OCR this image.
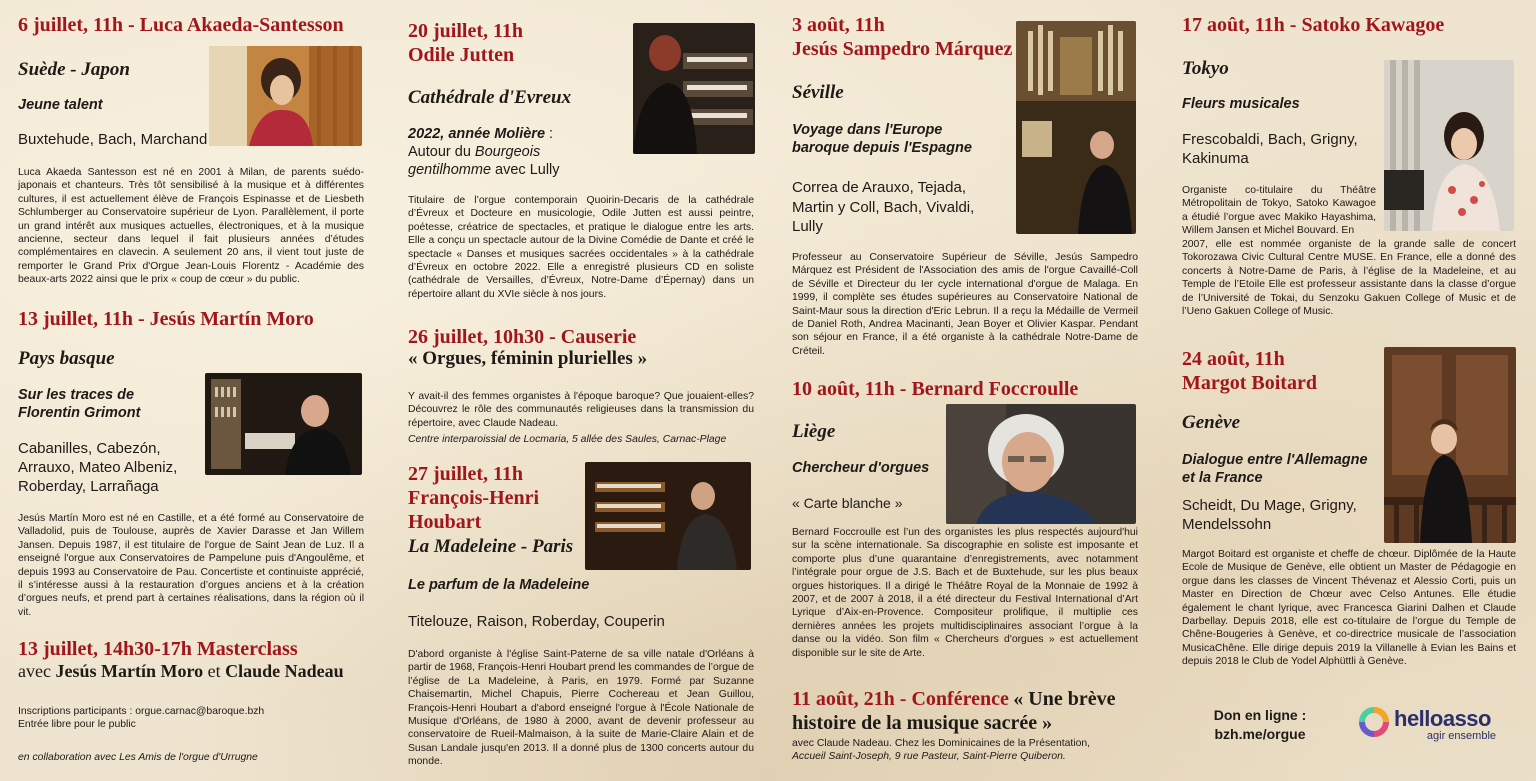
6 juillet, 11h - Luca Akaeda-Santesson
Suède - Japon
Jeune talent
Buxtehude, Bach, Marchand
Luca Akaeda Santesson est né en 2001 à Milan, de parents suédo-japonais et chanteurs. Très tôt sensibilisé à la musique et à différentes cultures, il est actuellement élève de François Espinasse et de Liesbeth Schlumberger au Conservatoire supérieur de Lyon. Parallèlement, il porte un grand intérêt aux musiques actuelles, électroniques, et à la musique ancienne, secteur dans lequel il fait plusieurs années d’études complémentaires en clavecin. A seulement 20 ans, il vient tout juste de remporter le Grand Prix d'Orgue Jean-Louis Florentz - Académie des beaux-arts 2022 ainsi que le prix « coup de cœur » du public.
13 juillet, 11h - Jesús Martín Moro
Pays basque
Sur les traces de
Florentin Grimont
Cabanilles, Cabezón,
Arrauxo, Mateo Albeniz,
Roberday, Larrañaga
Jesús Martín Moro est né en Castille, et a été formé au Conservatoire de Valladolid, puis de Toulouse, auprès de Xavier Darasse et Jan Willem Jansen. Depuis 1987, il est titulaire de l'orgue de Saint Jean de Luz. Il a enseigné l'orgue aux Conservatoires de Pampelune puis d'Angoulême, et depuis 1993 au Conservatoire de Pau. Concertiste et continuiste apprécié, il s’intéresse aussi à la restauration d’orgues anciens et à la création d’orgues neufs, et prend part à certaines réalisations, dans la région où il vit.
13 juillet, 14h30-17h Masterclass
avec Jesús Martín Moro et Claude Nadeau
Inscriptions participants : orgue.carnac@baroque.bzh
Entrée libre pour le public
en collaboration avec Les Amis de l'orgue d'Urrugne
20 juillet, 11h
Odile Jutten
Cathédrale d'Evreux
2022, année Molière :
Autour du Bourgeois
gentilhomme avec Lully
Titulaire de l’orgue contemporain Quoirin-Decaris de la cathédrale d’Évreux et Docteure en musicologie, Odile Jutten est aussi peintre, poétesse, créatrice de spectacles, et pratique le dialogue entre les arts. Elle a conçu un spectacle autour de la Divine Comédie de Dante et créé le spectacle « Danses et musiques sacrées occidentales » à la cathédrale d’Évreux en octobre 2022. Elle a enregistré plusieurs CD en soliste (cathédrale de Versailles, d’Évreux, Notre-Dame d’Épernay) dans un répertoire allant du XVIe siècle à nos jours.
26 juillet, 10h30 - Causerie
« Orgues, féminin plurielles »
Y avait-il des femmes organistes à l'époque baroque? Que jouaient-elles? Découvrez le rôle des communautés religieuses dans la transmission du répertoire, avec Claude Nadeau.
Centre interparoissial de Locmaria, 5 allée des Saules, Carnac-Plage
27 juillet, 11h
François-Henri
Houbart
La Madeleine - Paris
Le parfum de la Madeleine
Titelouze, Raison, Roberday, Couperin
D'abord organiste à l'église Saint-Paterne de sa ville natale d'Orléans à partir de 1968, François-Henri Houbart prend les commandes de l’orgue de l’église de La Madeleine, à Paris, en 1979. Formé par Suzanne Chaisemartin, Michel Chapuis, Pierre Cochereau et Jean Guillou, François-Henri Houbart a d'abord enseigné l'orgue à l'École Nationale de Musique d'Orléans, de 1980 à 2000, avant de devenir professeur au conservatoire de Rueil-Malmaison, à la suite de Marie-Claire Alain et de Susan Landale jusqu'en 2013. Il a donné plus de 1300 concerts autour du monde.
3 août, 11h
Jesús Sampedro Márquez
Séville
Voyage dans l'Europe
baroque depuis l'Espagne
Correa de Arauxo, Tejada,
Martin y Coll, Bach, Vivaldi,
Lully
Professeur au Conservatoire Supérieur de Séville, Jesús Sampedro Márquez est Président de l'Association des amis de l'orgue Cavaillé-Coll de Séville et Directeur du Ier cycle international d'orgue de Malaga. En 1999, il complète ses études supérieures au Conservatoire National de Saint-Maur sous la direction d'Eric Lebrun. Il a reçu la Médaille de Vermeil de Daniel Roth, Andrea Macinanti, Jean Boyer et Olivier Kaspar. Pendant son séjour en France, il a été organiste à la cathédrale Notre-Dame de Créteil.
10 août, 11h - Bernard Foccroulle
Liège
Chercheur d'orgues
« Carte blanche »
Bernard Foccroulle est l’un des organistes les plus respectés aujourd'hui sur la scène internationale. Sa discographie en soliste est imposante et comporte plus d’une quarantaine d’enregistrements, avec notamment l’intégrale pour orgue de J.S. Bach et de Buxtehude, sur les plus beaux orgues historiques. Il a dirigé le Théâtre Royal de la Monnaie de 1992 à 2007, et de 2007 à 2018, il a été directeur du Festival International d’Art Lyrique d’Aix-en-Provence. Compositeur prolifique, il multiplie ces dernières années les projets multidisciplinaires associant l’orgue à la danse ou la vidéo. Son film « Chercheurs d'orgues » est actuellement disponible sur le site de Arte.
11 août, 21h - Conférence « Une brève
histoire de la musique sacrée »
avec Claude Nadeau. Chez les Dominicaines de la Présentation,
Accueil Saint-Joseph, 9 rue Pasteur, Saint-Pierre Quiberon.
17 août, 11h - Satoko Kawagoe
Tokyo
Fleurs musicales
Frescobaldi, Bach, Grigny,
Kakinuma
Organiste co-titulaire du Théâtre Métropolitain de Tokyo, Satoko Kawagoe a étudié l’orgue avec Makiko Hayashima, Willem Jansen et Michel Bouvard. En
2007, elle est nommée organiste de la grande salle de concert Tokorozawa Civic Cultural Centre MUSE. En France, elle a donné des concerts à Notre-Dame de Paris, à l’église de la Madeleine, et au Temple de l’Etoile Elle est professeur assistante dans la classe d’orgue de l’Université de Tokai, du Senzoku Gakuen College of Music et de l’Ueno Gakuen College of Music.
24 août, 11h
Margot Boitard
Genève
Dialogue entre l'Allemagne
et la France
Scheidt, Du Mage, Grigny,
Mendelssohn
Margot Boitard est organiste et cheffe de chœur. Diplômée de la Haute Ecole de Musique de Genève, elle obtient un Master de Pédagogie en orgue dans les classes de Vincent Thévenaz et Alessio Corti, puis un Master en Direction de Chœur avec Celso Antunes. Elle étudie également le chant lyrique, avec Francesca Giarini Dalhen et Claude Darbellay. Depuis 2018, elle est co-titulaire de l’orgue du Temple de Chêne-Bougeries à Genève, et co-directrice musicale de l’association MusicaChêne. Elle dirige depuis 2019 la Villanelle à Evian les Bains et depuis 2018 le Club de Yodel Alphüttli à Genève.
Don en ligne :
bzh.me/orgue
helloasso
agir ensemble
